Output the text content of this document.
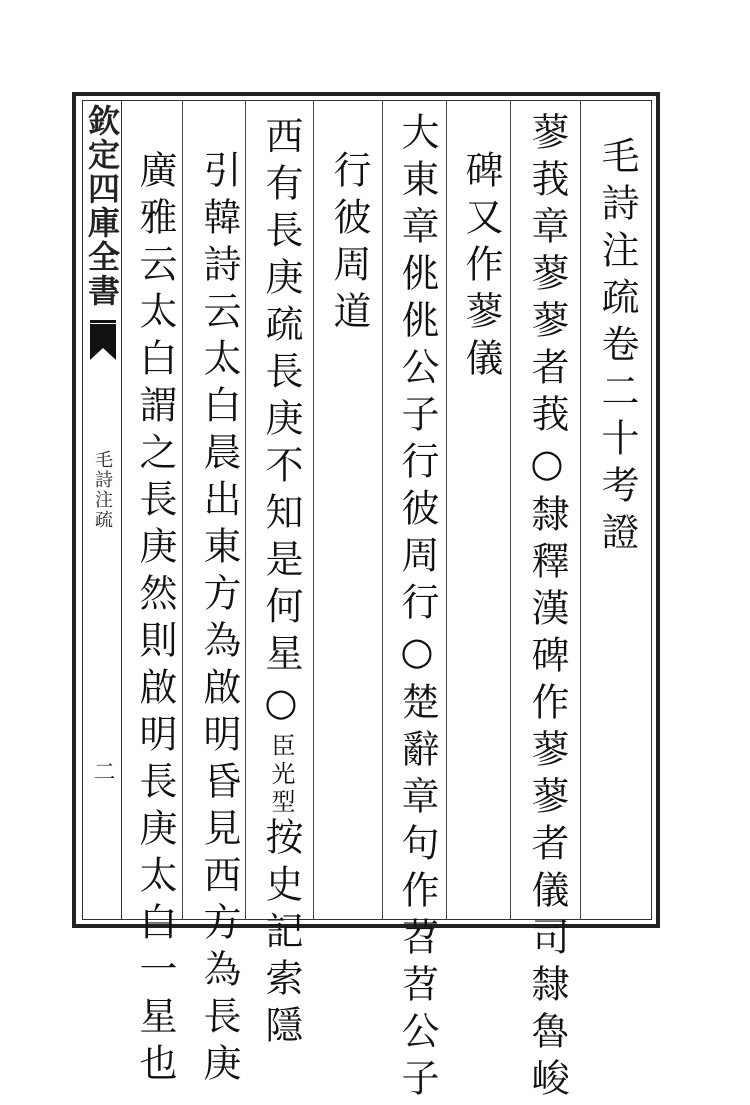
欽定四庫全書
毛詩注疏
二
毛詩注疏卷二十考證
蓼莪章蓼蓼者莪○隸釋漢碑作蓼蓼者儀司隸魯峻
碑又作蓼儀
大東章佻佻公子行彼周行○楚辭章句作苕苕公子
行彼周道
西有長庚疏長庚不知是何星○臣光型按史記索隱
引韓詩云太白晨出東方為啟明昏見西方為長庚
廣雅云太白謂之長庚然則啟明長庚太白一星也
